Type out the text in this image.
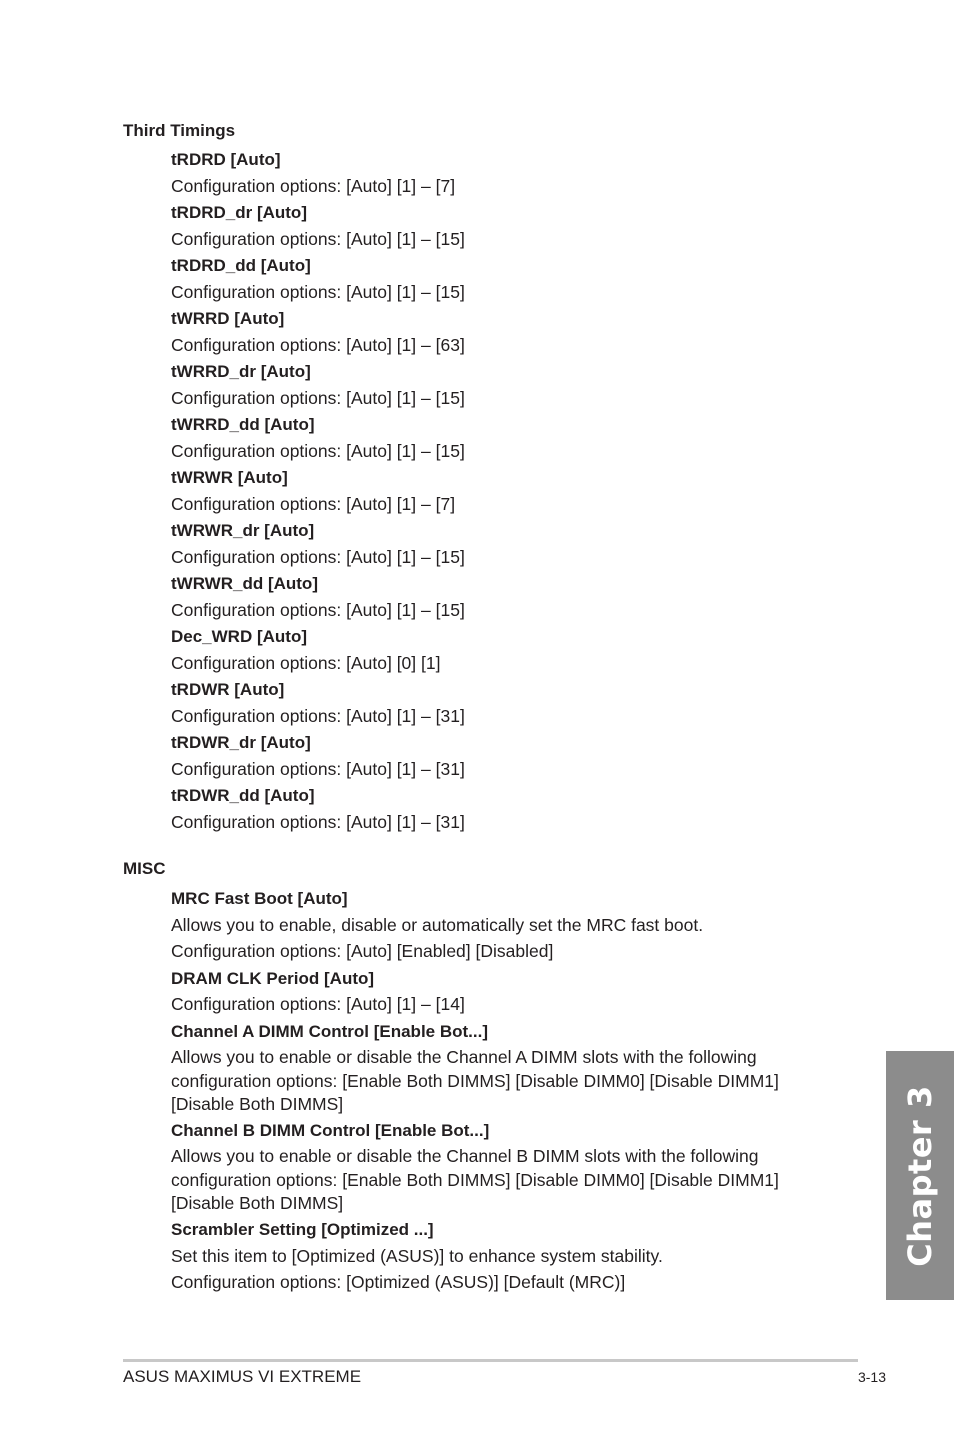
Third Timings
tRDRD [Auto]
Configuration options: [Auto] [1] – [7]
tRDRD_dr [Auto]
Configuration options: [Auto] [1] – [15]
tRDRD_dd [Auto]
Configuration options: [Auto] [1] – [15]
tWRRD [Auto]
Configuration options: [Auto] [1] – [63]
tWRRD_dr [Auto]
Configuration options: [Auto] [1] – [15]
tWRRD_dd [Auto]
Configuration options: [Auto] [1] – [15]
tWRWR [Auto]
Configuration options: [Auto] [1] – [7]
tWRWR_dr [Auto]
Configuration options: [Auto] [1] – [15]
tWRWR_dd [Auto]
Configuration options: [Auto] [1] – [15]
Dec_WRD [Auto]
Configuration options: [Auto] [0] [1]
tRDWR [Auto]
Configuration options: [Auto] [1] – [31]
tRDWR_dr [Auto]
Configuration options: [Auto] [1] – [31]
tRDWR_dd [Auto]
Configuration options: [Auto] [1] – [31]
MISC
MRC Fast Boot [Auto]
Allows you to enable, disable or automatically set the MRC fast boot.
Configuration options: [Auto] [Enabled] [Disabled]
DRAM CLK Period [Auto]
Configuration options: [Auto] [1] – [14]
Channel A DIMM Control [Enable Bot...]
Allows you to enable or disable the Channel A DIMM slots with the following configuration options: [Enable Both DIMMS] [Disable DIMM0] [Disable DIMM1] [Disable Both DIMMS]
Channel B DIMM Control [Enable Bot...]
Allows you to enable or disable the Channel B DIMM slots with the following configuration options: [Enable Both DIMMS] [Disable DIMM0] [Disable DIMM1] [Disable Both DIMMS]
Scrambler Setting [Optimized ...]
Set this item to [Optimized (ASUS)] to enhance system stability.
Configuration options: [Optimized (ASUS)] [Default (MRC)]
Chapter 3
ASUS MAXIMUS VI EXTREME	3-13
